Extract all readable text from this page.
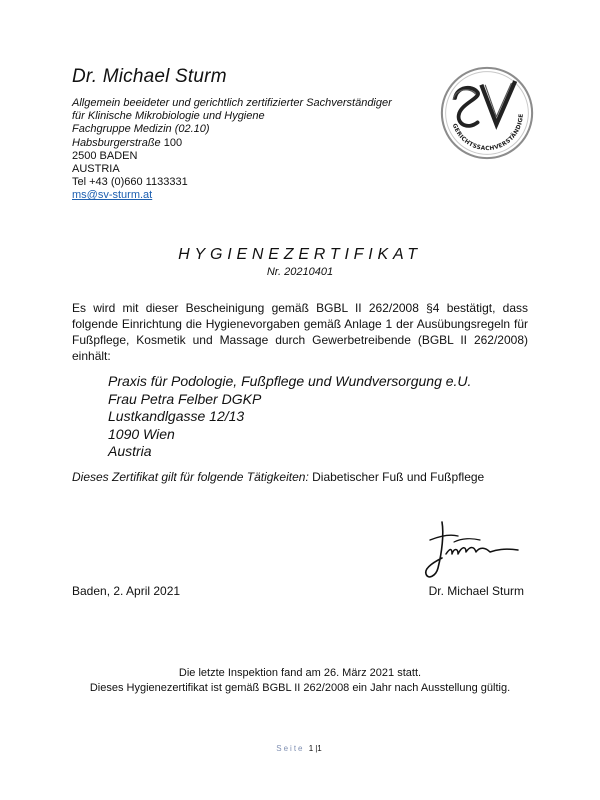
Dr. Michael Sturm
Allgemein beeideter und gerichtlich zertifizierter Sachverständiger
für Klinische Mikrobiologie und Hygiene
Fachgruppe Medizin (02.10)
Habsburgerstraße 100
2500 BADEN
AUSTRIA
Tel +43 (0)660 1133331
ms@sv-sturm.at
GERICHTSSACHVERSTÄNDIGE
HYGIENEZERTIFIKAT
Nr. 20210401
Es wird mit dieser Bescheinigung gemäß BGBL II 262/2008 §4 bestätigt, dass folgende Einrichtung die Hygienevorgaben gemäß Anlage 1 der Ausübungsregeln für Fußpflege, Kosmetik und Massage durch Gewerbetreibende (BGBL II 262/2008) einhält:
Praxis für Podologie, Fußpflege und Wundversorgung e.U.
Frau Petra Felber DGKP
Lustkandlgasse 12/13
1090 Wien
Austria
Dieses Zertifikat gilt für folgende Tätigkeiten: Diabetischer Fuß und Fußpflege
Baden, 2. April 2021	Dr. Michael Sturm
Die letzte Inspektion fand am 26. März 2021 statt.
Dieses Hygienezertifikat ist gemäß BGBL II 262/2008 ein Jahr nach Ausstellung gültig.
Seite 1|1
